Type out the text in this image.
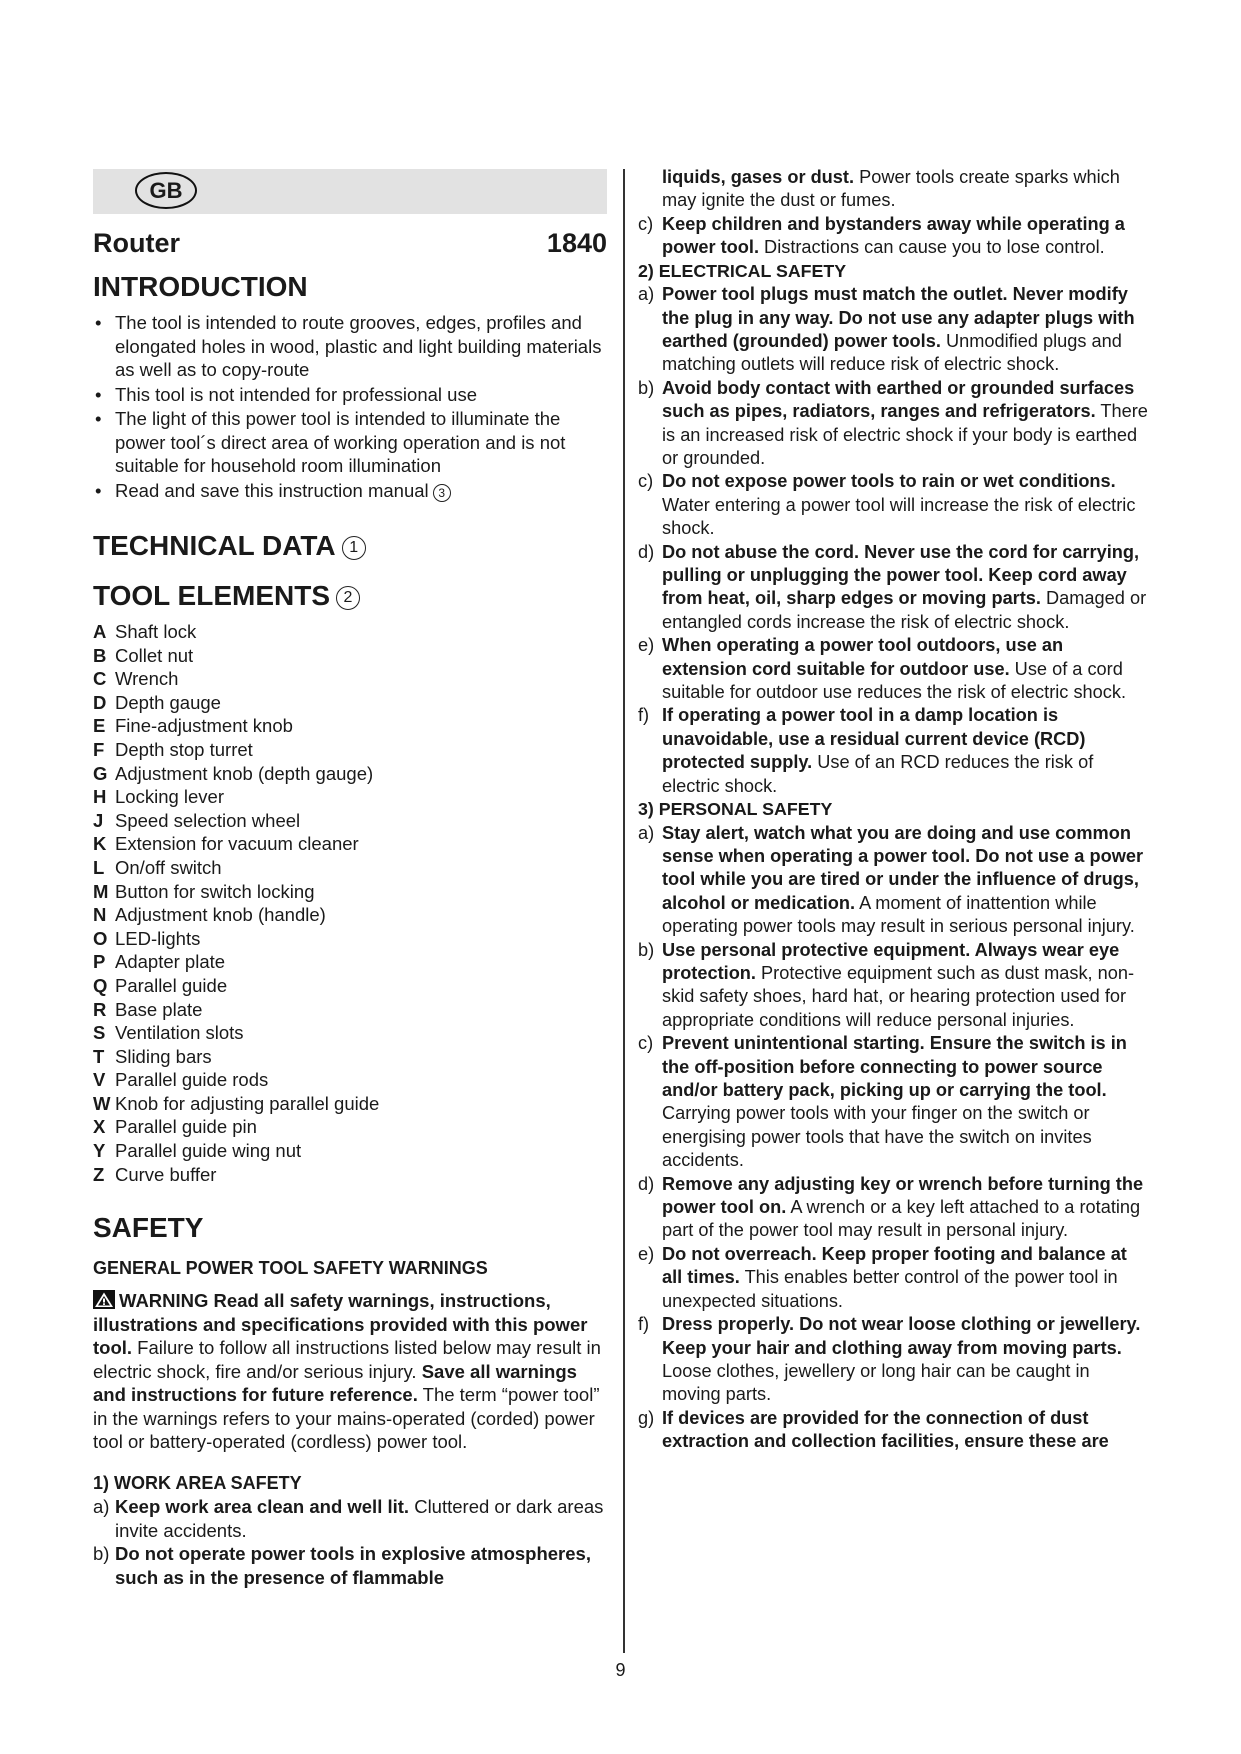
GB
Router	1840
INTRODUCTION
• The tool is intended to route grooves, edges, profiles and elongated holes in wood, plastic and light building materials as well as to copy-route
• This tool is not intended for professional use
• The light of this power tool is intended to illuminate the power tool´s direct area of working operation and is not suitable for household room illumination
• Read and save this instruction manual 3
TECHNICAL DATA 1
TOOL ELEMENTS 2
A Shaft lock
B Collet nut
C Wrench
D Depth gauge
E Fine-adjustment knob
F Depth stop turret
G Adjustment knob (depth gauge)
H Locking lever
J Speed selection wheel
K Extension for vacuum cleaner
L On/off switch
M Button for switch locking
N Adjustment knob (handle)
O LED-lights
P Adapter plate
Q Parallel guide
R Base plate
S Ventilation slots
T Sliding bars
V Parallel guide rods
W Knob for adjusting parallel guide
X Parallel guide pin
Y Parallel guide wing nut
Z Curve buffer
SAFETY
GENERAL POWER TOOL SAFETY WARNINGS

WARNING Read all safety warnings, instructions, illustrations and specifications provided with this power tool. Failure to follow all instructions listed below may result in electric shock, fire and/or serious injury. Save all warnings and instructions for future reference. The term “power tool” in the warnings refers to your mains-operated (corded) power tool or battery-operated (cordless) power tool.

1) WORK AREA SAFETY
a) Keep work area clean and well lit. Cluttered or dark areas invite accidents.
b) Do not operate power tools in explosive atmospheres, such as in the presence of flammable
liquids, gases or dust. Power tools create sparks which may ignite the dust or fumes.
c) Keep children and bystanders away while operating a power tool. Distractions can cause you to lose control.
2) ELECTRICAL SAFETY
a) Power tool plugs must match the outlet. Never modify the plug in any way. Do not use any adapter plugs with earthed (grounded) power tools. Unmodified plugs and matching outlets will reduce risk of electric shock.
b) Avoid body contact with earthed or grounded surfaces such as pipes, radiators, ranges and refrigerators. There is an increased risk of electric shock if your body is earthed or grounded.
c) Do not expose power tools to rain or wet conditions. Water entering a power tool will increase the risk of electric shock.
d) Do not abuse the cord. Never use the cord for carrying, pulling or unplugging the power tool. Keep cord away from heat, oil, sharp edges or moving parts. Damaged or entangled cords increase the risk of electric shock.
e) When operating a power tool outdoors, use an extension cord suitable for outdoor use. Use of a cord suitable for outdoor use reduces the risk of electric shock.
f) If operating a power tool in a damp location is unavoidable, use a residual current device (RCD) protected supply. Use of an RCD reduces the risk of electric shock.
3) PERSONAL SAFETY
a) Stay alert, watch what you are doing and use common sense when operating a power tool. Do not use a power tool while you are tired or under the influence of drugs, alcohol or medication. A moment of inattention while operating power tools may result in serious personal injury.
b) Use personal protective equipment. Always wear eye protection. Protective equipment such as dust mask, non-skid safety shoes, hard hat, or hearing protection used for appropriate conditions will reduce personal injuries.
c) Prevent unintentional starting. Ensure the switch is in the off-position before connecting to power source and/or battery pack, picking up or carrying the tool. Carrying power tools with your finger on the switch or energising power tools that have the switch on invites accidents.
d) Remove any adjusting key or wrench before turning the power tool on. A wrench or a key left attached to a rotating part of the power tool may result in personal injury.
e) Do not overreach. Keep proper footing and balance at all times. This enables better control of the power tool in unexpected situations.
f) Dress properly. Do not wear loose clothing or jewellery. Keep your hair and clothing away from moving parts. Loose clothes, jewellery or long hair can be caught in moving parts.
g) If devices are provided for the connection of dust extraction and collection facilities, ensure these are
9
